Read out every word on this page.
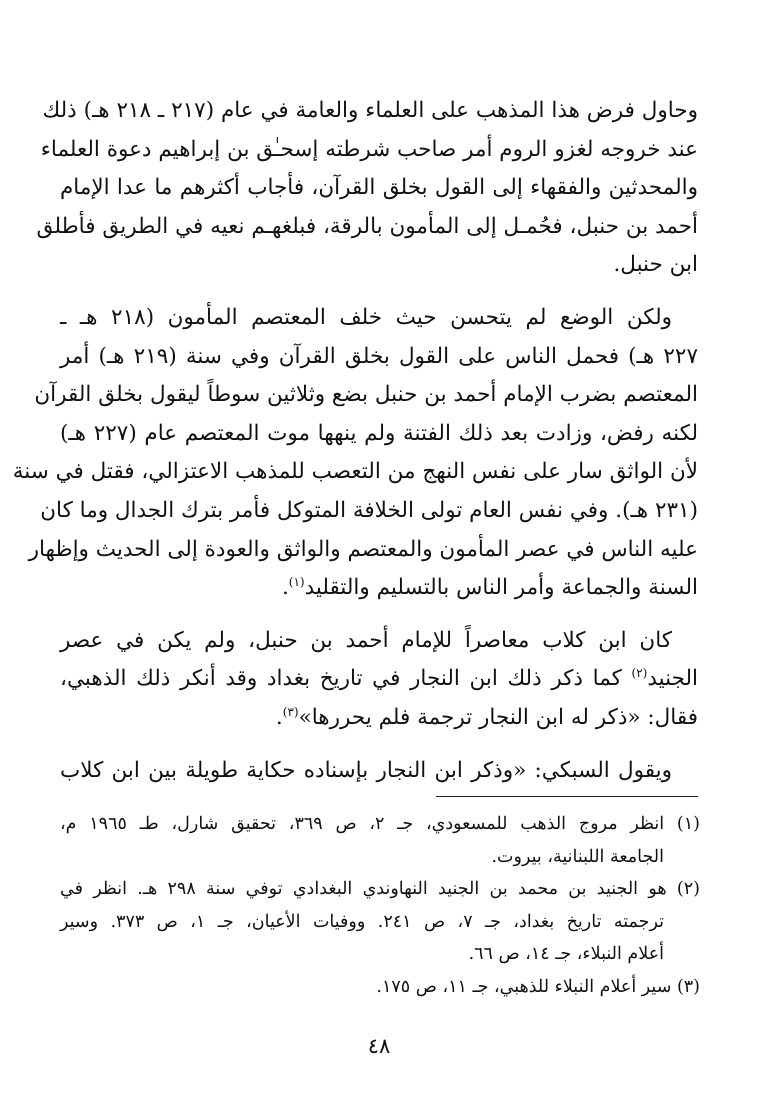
وحاول فرض هذا المذهب على العلماء والعامة في عام (٢١٧ ـ ٢١٨ هـ) ذلك
عند خروجه لغزو الروم أمر صاحب شرطته إسحـٰق بن إبراهيم دعوة العلماء
والمحدثين والفقهاء إلى القول بخلق القرآن، فأجاب أكثرهم ما عدا الإمام
أحمد بن حنبل، فحُمـل إلى المأمون بالرقة، فبلغهـم نعيه في الطريق فأطلق
ابن حنبل.
ولكن الوضع لم يتحسن حيث خلف المعتصم المأمون (٢١٨ هـ ـ
٢٢٧ هـ) فحمل الناس على القول بخلق القرآن وفي سنة (٢١٩ هـ) أمر
المعتصم بضرب الإمام أحمد بن حنبل بضع وثلاثين سوطاً ليقول بخلق القرآن
لكنه رفض، وزادت بعد ذلك الفتنة ولم ينهها موت المعتصم عام (٢٢٧ هـ)
لأن الواثق سار على نفس النهج من التعصب للمذهب الاعتزالي، فقتل في سنة
(٢٣١ هـ). وفي نفس العام تولى الخلافة المتوكل فأمر بترك الجدال وما كان
عليه الناس في عصر المأمون والمعتصم والواثق والعودة إلى الحديث وإظهار
السنة والجماعة وأمر الناس بالتسليم والتقليد$^{(١)}$.
كان ابن كلاب معاصراً للإمام أحمد بن حنبل، ولم يكن في عصر
الجنيد$^{(٢)}$ كما ذكر ذلك ابن النجار في تاريخ بغداد وقد أنكر ذلك الذهبي،
فقال: «ذكر له ابن النجار ترجمة فلم يحررها»$^{(٣)}$.
ويقول السبكي: «وذكر ابن النجار بإسناده حكاية طويلة بين ابن كلاب
(١) انظر مروج الذهب للمسعودي، جـ ٢، ص ٣٦٩، تحقيق شارل، طـ ١٩٦٥ م،
الجامعة اللبنانية، بيروت.
(٢) هو الجنيد بن محمد بن الجنيد النهاوندي البغدادي توفي سنة ٢٩٨ هـ. انظر في
ترجمته تاريخ بغداد، جـ ٧، ص ٢٤١. ووفيات الأعيان، جـ ١، ص ٣٧٣. وسير
أعلام النبلاء، جـ ١٤، ص ٦٦.
(٣) سير أعلام النبلاء للذهبي، جـ ١١، ص ١٧٥.
٤٨
